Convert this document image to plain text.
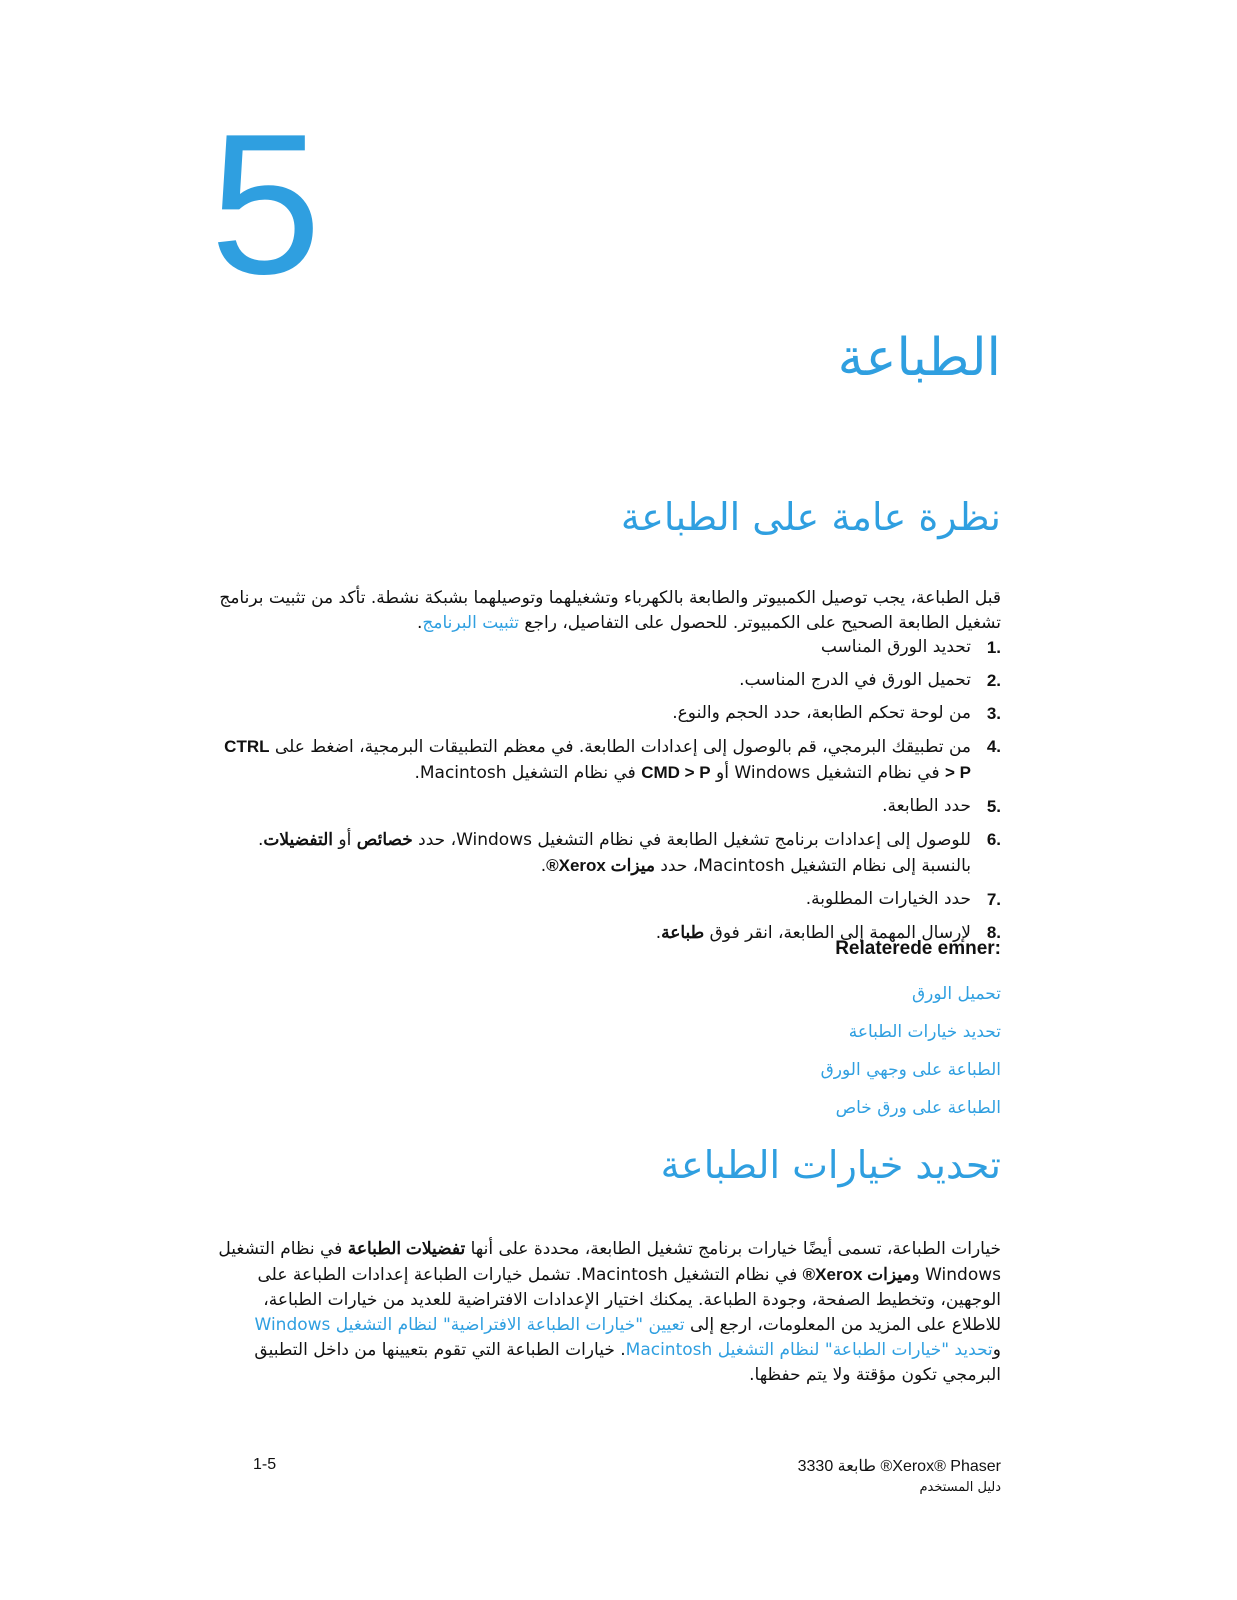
5
الطباعة
نظرة عامة على الطباعة
قبل الطباعة، يجب توصيل الكمبيوتر والطابعة بالكهرباء وتشغيلهما وتوصيلهما بشبكة نشطة. تأكد من تثبيت برنامج تشغيل الطابعة الصحيح على الكمبيوتر. للحصول على التفاصيل، راجع تثبيت البرنامج.
1.
تحديد الورق المناسب
2.
تحميل الورق في الدرج المناسب.
3.
من لوحة تحكم الطابعة، حدد الحجم والنوع.
4.
من تطبيقك البرمجي، قم بالوصول إلى إعدادات الطابعة. في معظم التطبيقات البرمجية، اضغط على CTRL > P في نظام التشغيل Windows أو CMD > P في نظام التشغيل Macintosh.
5.
حدد الطابعة.
6.
للوصول إلى إعدادات برنامج تشغيل الطابعة في نظام التشغيل Windows، حدد خصائص أو التفضيلات. بالنسبة إلى نظام التشغيل Macintosh، حدد ميزات Xerox®.
7.
حدد الخيارات المطلوبة.
8.
لإرسال المهمة إلى الطابعة، انقر فوق طباعة.
Relaterede emner:
تحميل الورق
تحديد خيارات الطباعة
الطباعة على وجهي الورق
الطباعة على ورق خاص
تحديد خيارات الطباعة
خيارات الطباعة، تسمى أيضًا خيارات برنامج تشغيل الطابعة، محددة على أنها تفضيلات الطباعة في نظام التشغيل Windows وميزات Xerox® في نظام التشغيل Macintosh. تشمل خيارات الطباعة إعدادات الطباعة على الوجهين، وتخطيط الصفحة، وجودة الطباعة. يمكنك اختيار الإعدادات الافتراضية للعديد من خيارات الطباعة، للاطلاع على المزيد من المعلومات، ارجع إلى تعيين "خيارات الطباعة الافتراضية" لنظام التشغيل Windows وتحديد "خيارات الطباعة" لنظام التشغيل Macintosh. خيارات الطباعة التي تقوم بتعيينها من داخل التطبيق البرمجي تكون مؤقتة ولا يتم حفظها.
1-5	Xerox® Phaser® طابعة 3330
دليل المستخدم
